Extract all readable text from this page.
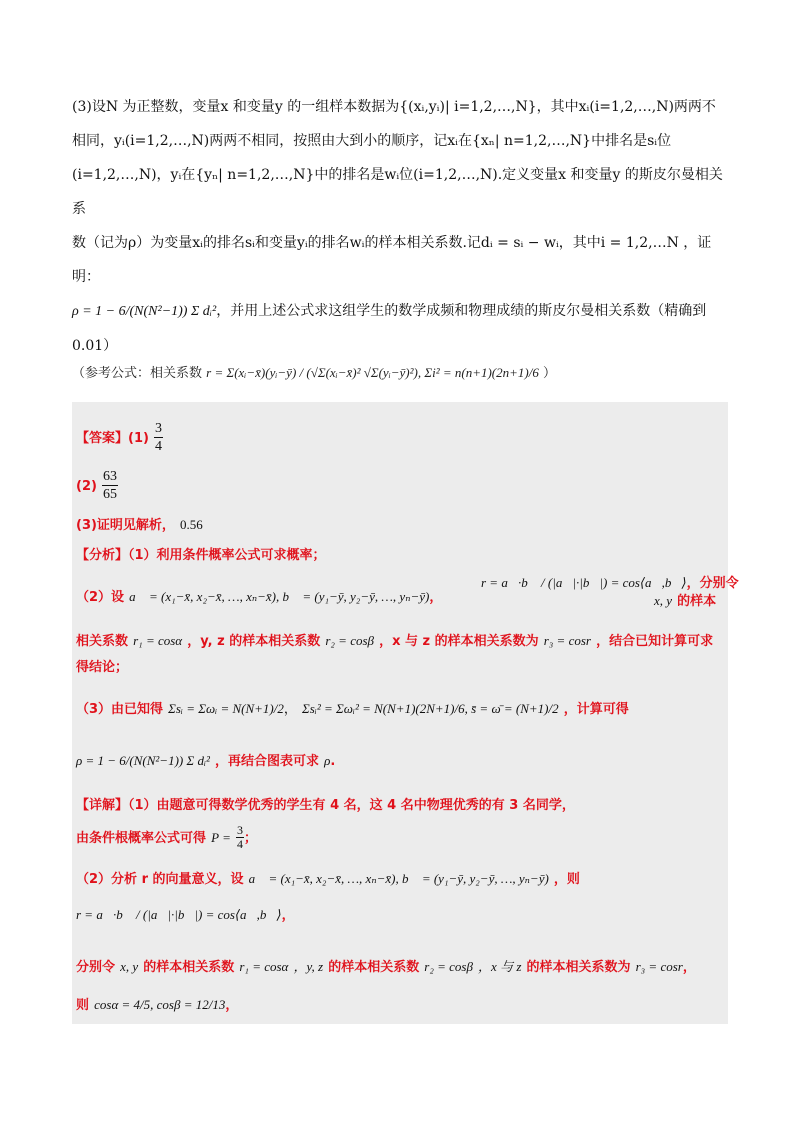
(3)设N 为正整数，变量x 和变量y 的一组样本数据为{(xᵢ,yᵢ)| i=1,2,…,N}，其中xᵢ(i=1,2,…,N)两两不

相同，yᵢ(i=1,2,…,N)两两不相同，按照由大到小的顺序，记xᵢ在{xₙ| n=1,2,…,N}中排名是sᵢ位

(i=1,2,…,N)，yᵢ在{yₙ| n=1,2,…,N}中的排名是wᵢ位(i=1,2,…,N).定义变量x 和变量y 的斯皮尔曼相关系

数（记为ρ）为变量xᵢ的排名sᵢ和变量yᵢ的排名wᵢ的样本相关系数.记dᵢ = sᵢ − wᵢ，其中i = 1,2,…N ，证明：

ρ = 1 − 6/(N(N²−1)) Σ dᵢ²，并用上述公式求这组学生的数学成频和物理成绩的斯皮尔曼相关系数（精确到

0.01）

（参考公式：相关系数 r = Σ(xᵢ−x̄)(yᵢ−ȳ) / (√Σ(xᵢ−x̄)² √Σ(yᵢ−ȳ)²), Σi² = n(n+1)(2n+1)/6 ）

【答案】$(1) \frac{3}{4}$
$(2) \frac{63}{65}$
(3)证明见解析， 0.56
【分析】（1）利用条件概率公式可求概率；
（2）设 a⃗ = (x₁−x̄, x₂−x̄, …, xₙ−x̄), b⃗ = (y₁−ȳ, y₂−ȳ, …, yₙ−ȳ)，
r = a⃗·b⃗ / (|a⃗|·|b⃗|) = cos⟨a⃗,b⃗⟩，分别令
x, y 的样本
相关系数 r₁ = cosα ，y, z 的样本相关系数 r₂ = cosβ ，x 与 z 的样本相关系数为 r₃ = cosr ，结合已知计算可求
得结论；
（3）由已知得 Σsᵢ = Σωᵢ = N(N+1)/2， Σsᵢ² = Σωᵢ² = N(N+1)(2N+1)/6, s̄ = ω̄ = (N+1)/2 ，计算可得
ρ = 1 − 6/(N(N²−1)) Σ dᵢ² ，再结合图表可求 ρ.
【详解】（1）由题意可得数学优秀的学生有 4 名，这 4 名中物理优秀的有 3 名同学，
由条件根概率公式可得 $P = \frac{3}{4}$ ；
（2）分析 r 的向量意义，设 a⃗ = (x₁−x̄, x₂−x̄, …, xₙ−x̄), b⃗ = (y₁−ȳ, y₂−ȳ, …, yₙ−ȳ) ，则
r = a⃗·b⃗ / (|a⃗|·|b⃗|) = cos⟨a⃗,b⃗⟩，
分别令 x, y 的样本相关系数 r₁ = cosα ，y, z 的样本相关系数 r₂ = cosβ ，x 与 z 的样本相关系数为 r₃ = cosr，
则 cosα = 4/5, cosβ = 12/13，
